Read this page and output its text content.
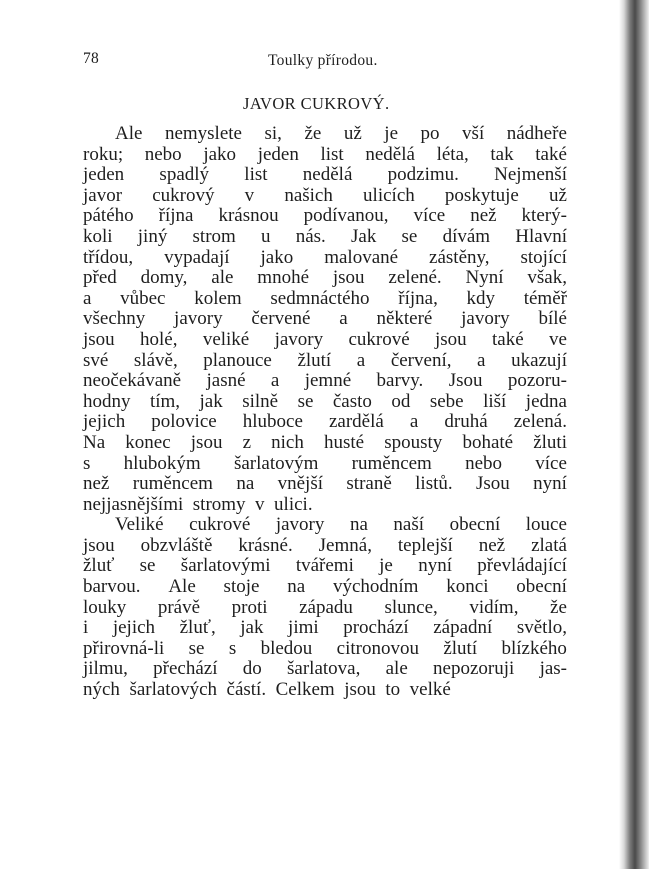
78	Toulky přírodou.
JAVOR CUKROVÝ.
Ale nemyslete si, že už je po vší nádheře
roku; nebo jako jeden list nedělá léta, tak také
jeden spadlý list nedělá podzimu. Nejmenší
javor cukrový v našich ulicích poskytuje už
pátého října krásnou podívanou, více než který-
koli jiný strom u nás. Jak se dívám Hlavní
třídou, vypadají jako malované zástěny, stojící
před domy, ale mnohé jsou zelené. Nyní však,
a vůbec kolem sedmnáctého října, kdy téměř
všechny javory červené a některé javory bílé
jsou holé, veliké javory cukrové jsou také ve
své slávě, planouce žlutí a červení, a ukazují
neočekávaně jasné a jemné barvy. Jsou pozoru-
hodny tím, jak silně se často od sebe liší jedna
jejich polovice hluboce zardělá a druhá zelená.
Na konec jsou z nich husté spousty bohaté žluti
s hlubokým šarlatovým ruměncem nebo více
než ruměncem na vnější straně listů. Jsou nyní
nejjasnějšími stromy v ulici.
Veliké cukrové javory na naší obecní louce
jsou obzvláště krásné. Jemná, teplejší než zlatá
žluť se šarlatovými tvářemi je nyní převládající
barvou. Ale stoje na východním konci obecní
louky právě proti západu slunce, vidím, že
i jejich žluť, jak jimi prochází západní světlo,
přirovná-li se s bledou citronovou žlutí blízkého
jilmu, přechází do šarlatova, ale nepozoruji jas-
ných šarlatových částí. Celkem jsou to velké
